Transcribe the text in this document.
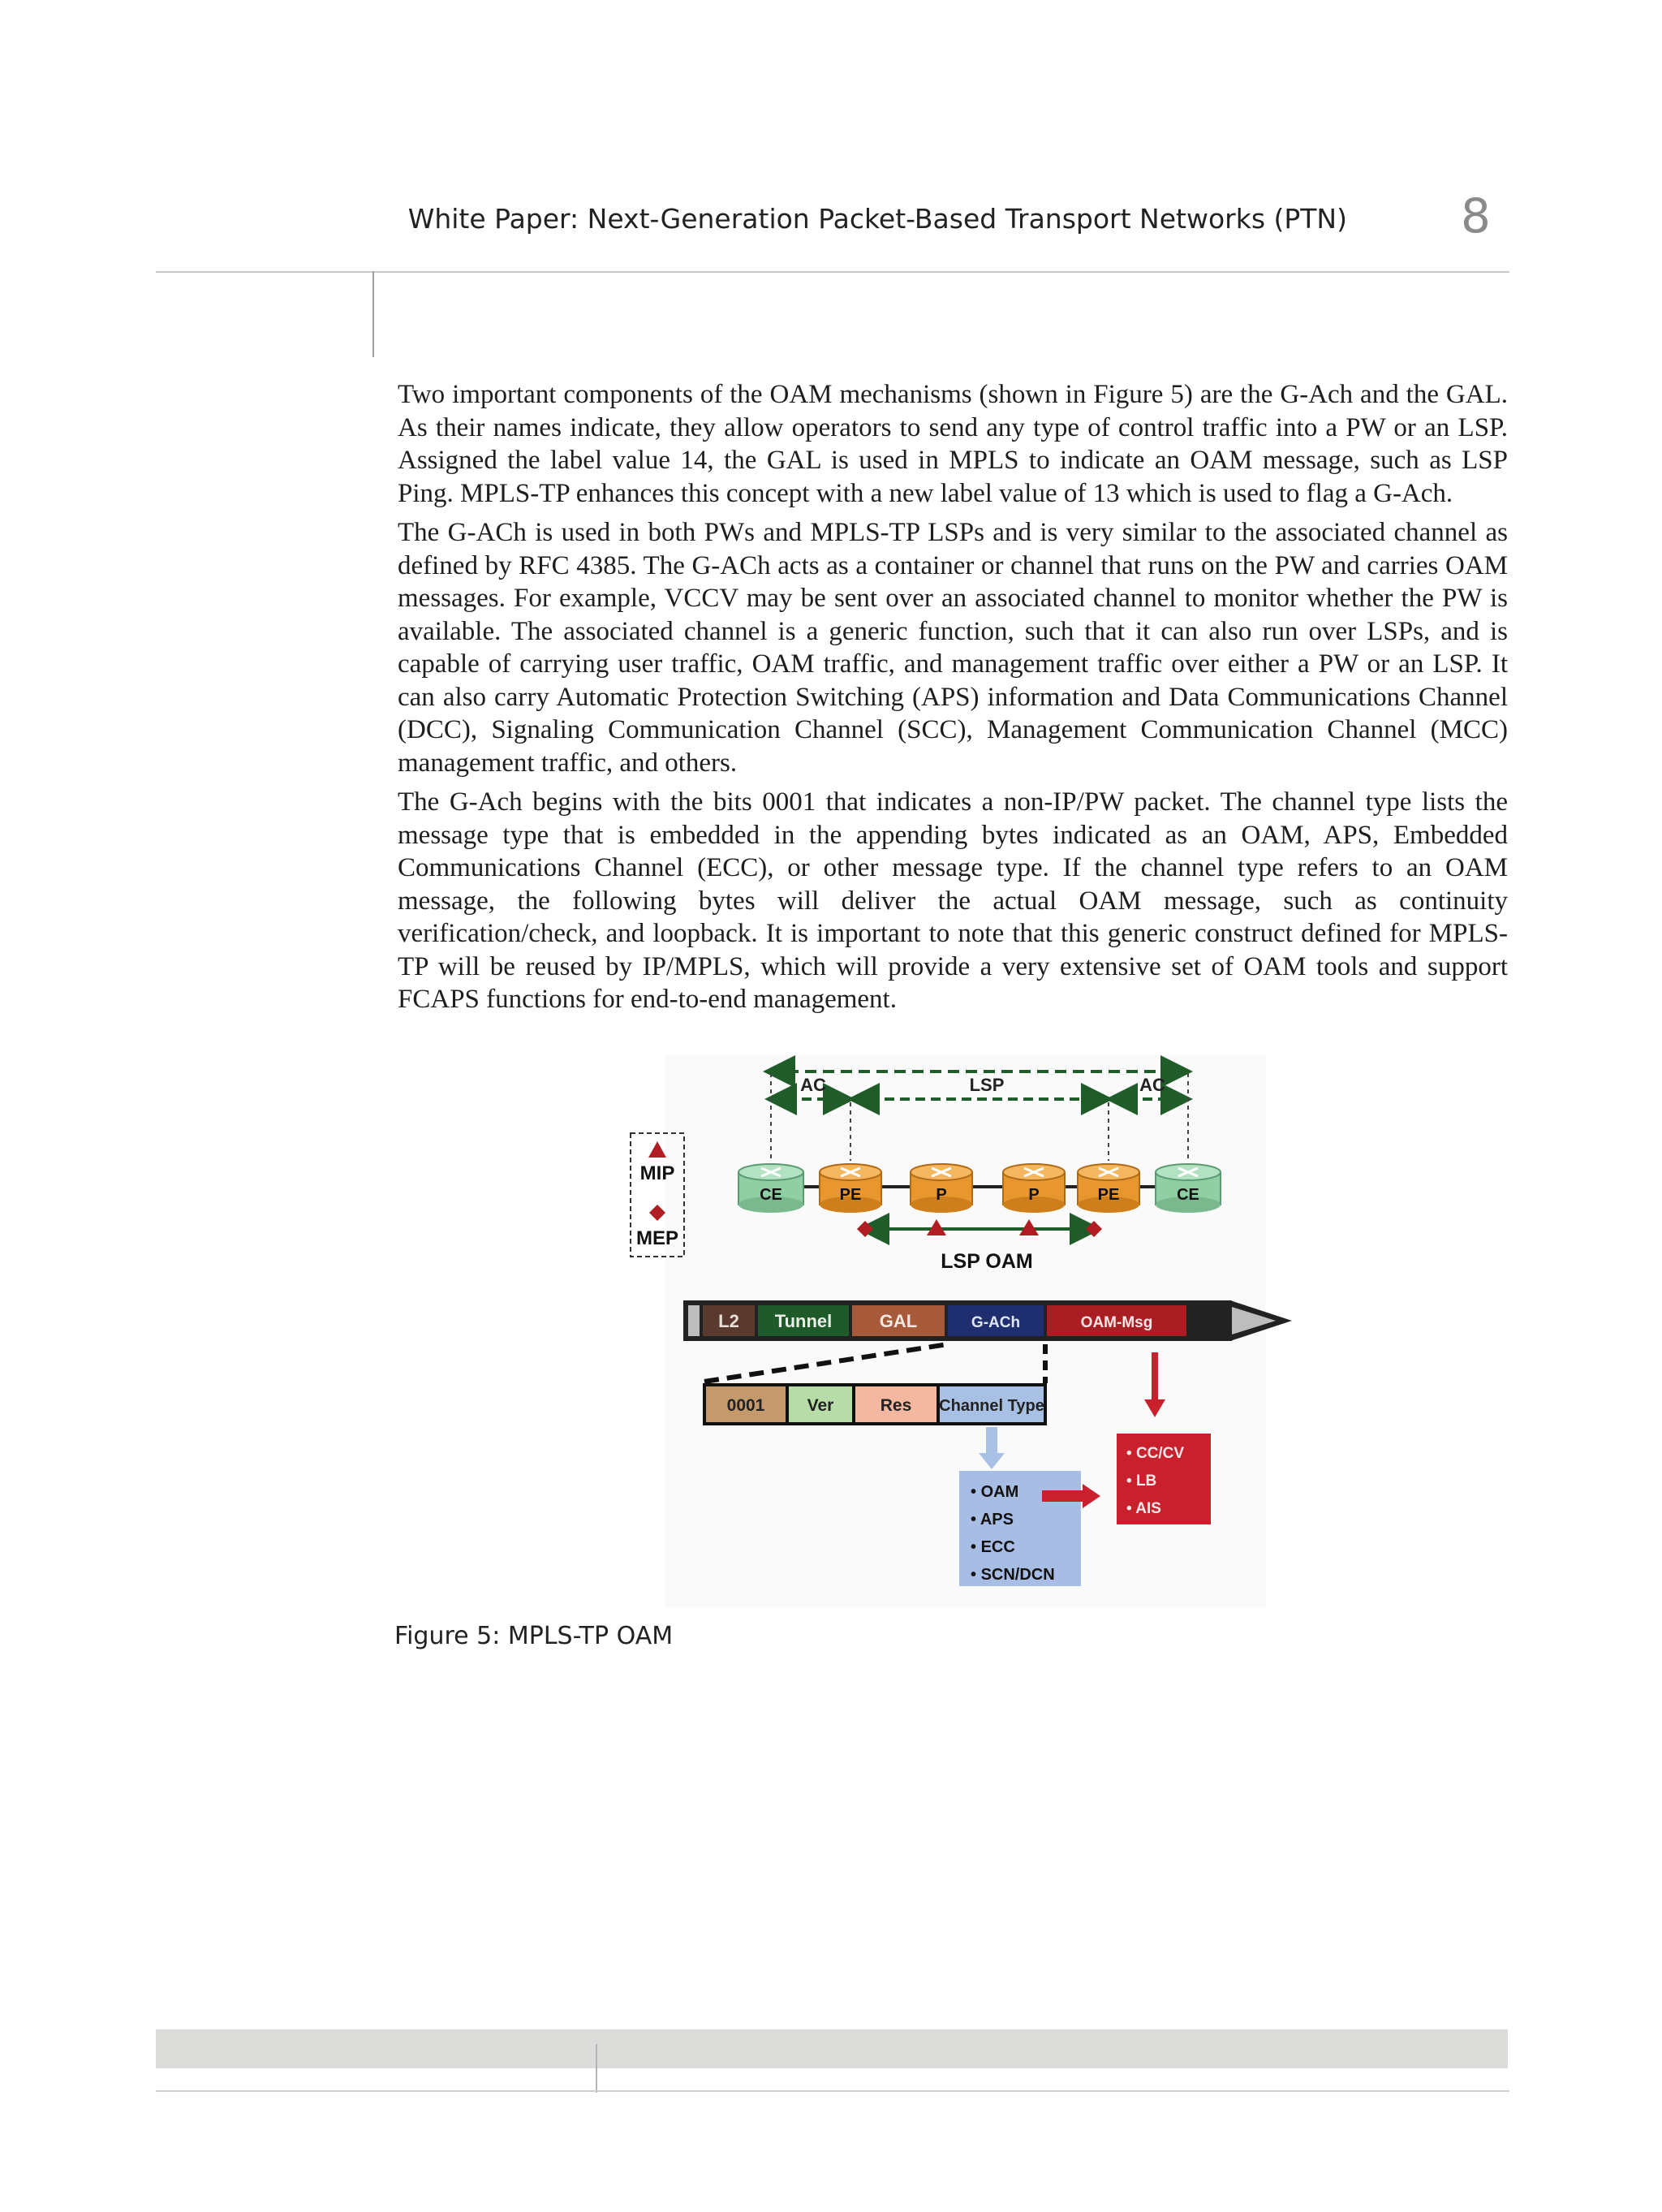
White Paper: Next-Generation Packet-Based Transport Networks (PTN) 8

Two important components of the OAM mechanisms (shown in Figure 5) are the G-Ach and the GAL. As their names indicate, they allow operators to send any type of control traffic into a PW or an LSP. Assigned the label value 14, the GAL is used in MPLS to indicate an OAM message, such as LSP Ping. MPLS-TP enhances this concept with a new label value of 13 which is used to flag a G-Ach.

The G-ACh is used in both PWs and MPLS-TP LSPs and is very similar to the associated channel as defined by RFC 4385. The G-ACh acts as a container or channel that runs on the PW and carries OAM messages. For example, VCCV may be sent over an associated channel to monitor whether the PW is available. The associated channel is a generic function, such that it can also run over LSPs, and is capable of carrying user traffic, OAM traffic, and management traffic over either a PW or an LSP. It can also carry Automatic Protection Switching (APS) information and Data Communications Channel (DCC), Signaling Communication Channel (SCC), Management Communication Channel (MCC) management traffic, and others.

The G-Ach begins with the bits 0001 that indicates a non-IP/PW packet. The channel type lists the message type that is embedded in the appending bytes indicated as an OAM, APS, Embedded Communications Channel (ECC), or other message type. If the channel type refers to an OAM message, the following bytes will deliver the actual OAM message, such as continuity verification/check, and loopback. It is important to note that this generic construct defined for MPLS-TP will be reused by IP/MPLS, which will provide a very extensive set of OAM tools and support FCAPS functions for end-to-end management.

AC	LSP	AC
MIP
MEP
CE	PE	P	P	PE	CE
LSP OAM
L2 Tunnel	GAL	G-ACh	OAM-Msg
0001 Ver	Res Channel Type
• OAM
• APS
• ECC
• SCN/DCN
• CC/CV
• LB
• AIS
Figure 5: MPLS-TP OAM
